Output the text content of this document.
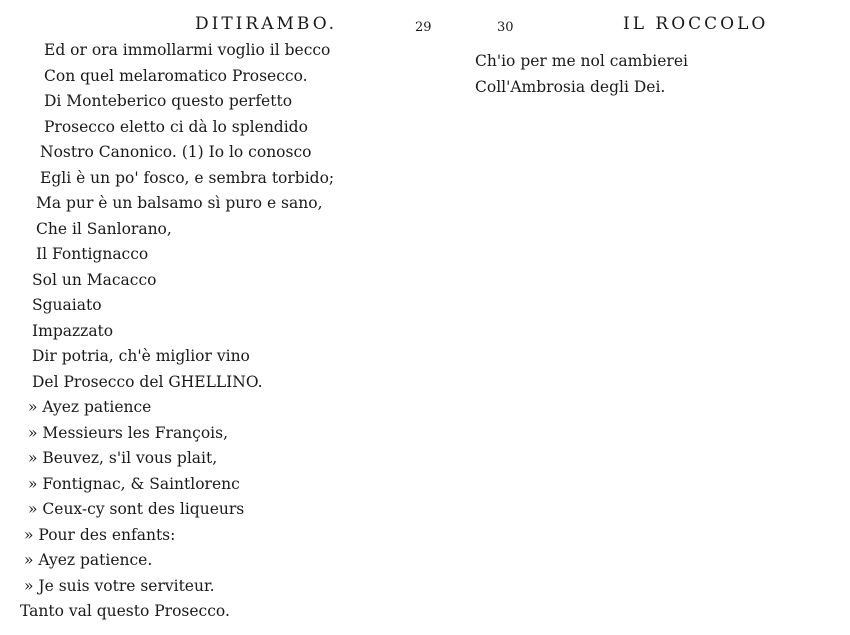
DITIRAMBO.	29
Ed or ora immollarmi voglio il becco
Con quel melaromatico Prosecco.
Di Monteberico questo perfetto
Prosecco eletto ci dà lo splendido
Nostro Canonico. (1) Io lo conosco
Egli è un po' fosco, e sembra torbido;
Ma pur è un balsamo sì puro e sano,
Che il Sanlorano,
Il Fontignacco
Sol un Macacco
Sguaiato
Impazzato
Dir potria, ch'è miglior vino
Del Prosecco del GHELLINO.
» Ayez patience
» Messieurs les François,
» Beuvez, s'il vous plait,
» Fontignac, & Saintlorenc
» Ceux-cy sont des liqueurs
» Pour des enfants:
» Ayez patience.
» Je suis votre serviteur.
Tanto val questo Prosecco.
30	IL ROCCOLO
Ch'io per me nol cambierei
Coll'Ambrosia degli Dei.
